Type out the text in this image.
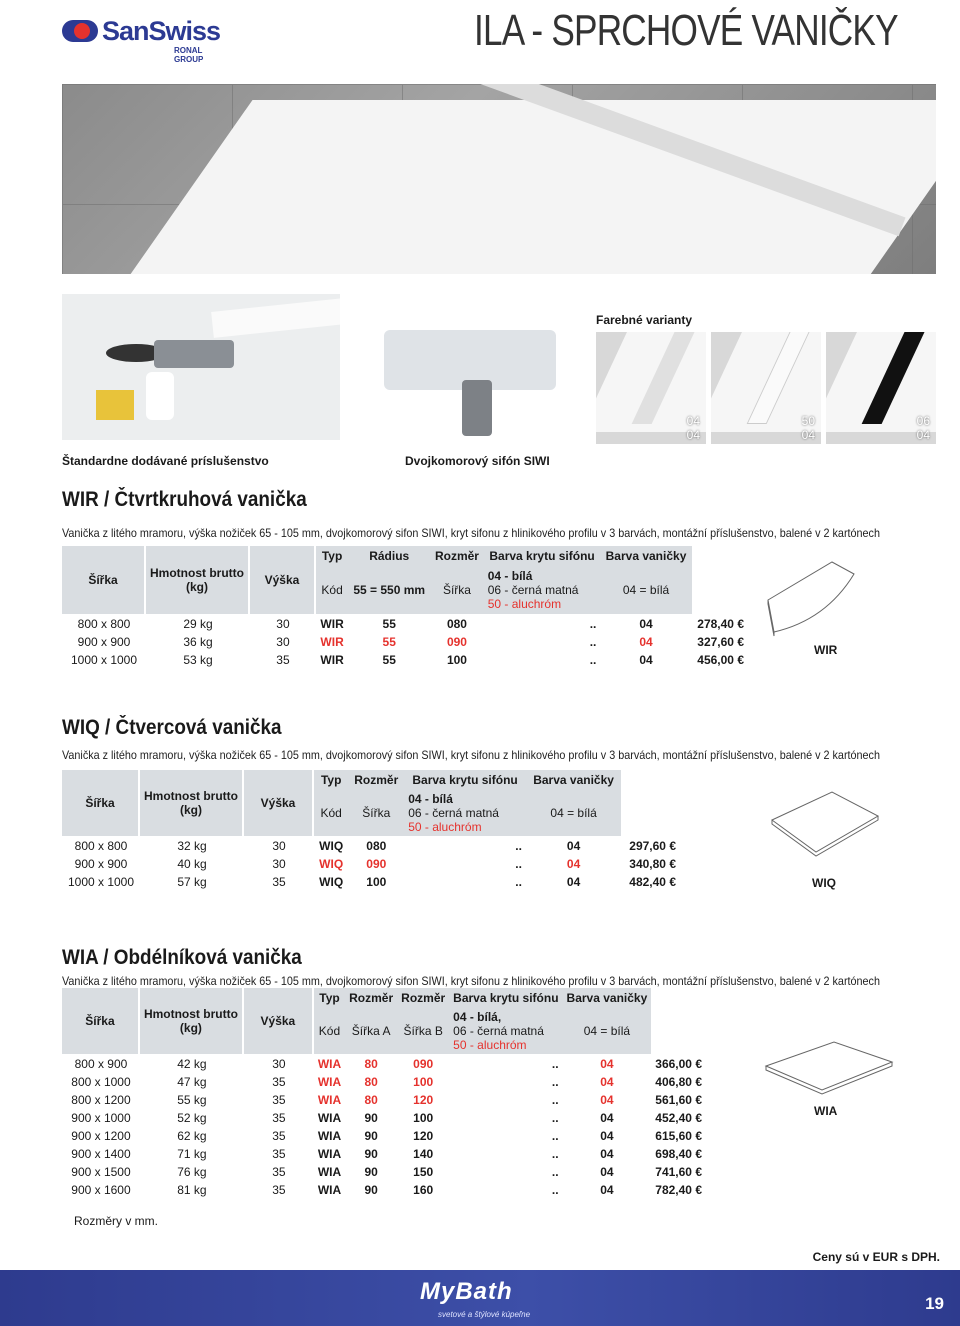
SanSwiss
RONAL GROUP
ILA - SPRCHOVÉ VANIČKY
Farebné varianty
04
04
50
04
06
04
Štandardne dodávané príslušenstvo	Dvojkomorový sifón SIWI
WIR / Čtvrtkruhová vanička
Vanička z litého mramoru, výška nožiček 65 - 105 mm, dvojkomorový sifon SIWI, kryt sifonu z hlinikového profilu v 3 barvách, montážní příslušenstvo, balené v 2 kartónech
Šířka	Hmotnost brutto
(kg)	Výška	Typ	Rádius	Rozměr	Barva krytu sifónu	Barva vaničky	
			Kód	55 = 550 mm	Šířka	04 - bílá
06 - černá matná
50 - aluchróm	04 = bílá	
800 x 800	29 kg	30	WIR	55	080	..	04	278,40 €
900 x 900	36 kg	30	WIR	55	090	..	04	327,60 €
1000 x 1000	53 kg	35	WIR	55	100	..	04	456,00 €
WIR
WIQ / Čtvercová vanička
Vanička z litého mramoru, výška nožiček 65 - 105 mm, dvojkomorový sifon SIWI, kryt sifonu z hlinikového profilu v 3 barvách, montážní příslušenstvo, balené v 2 kartónech
Šířka	Hmotnost brutto
(kg)	Výška	Typ	Rozměr	Barva krytu sifónu	Barva vaničky	
			Kód	Šířka	04 - bílá
06 - černá matná
50 - aluchróm	04 = bílá	
800 x 800	32 kg	30	WIQ	080	..	04	297,60 €
900 x 900	40 kg	30	WIQ	090	..	04	340,80 €
1000 x 1000	57 kg	35	WIQ	100	..	04	482,40 €	WIQ
WIA / Obdélníková vanička
Vanička z litého mramoru, výška nožiček 65 - 105 mm, dvojkomorový sifon SIWI, kryt sifonu z hlinikového profilu v 3 barvách, montážní příslušenstvo, balené v 2 kartónech
Šířka	Hmotnost brutto
(kg)	Výška	Typ	Rozměr	Rozměr	Barva krytu sifónu	Barva vaničky	
			Kód	Šířka A	Šířka B	04 - bílá,
06 - černá matná
50 - aluchróm	04 = bílá	
800 x 900	42 kg	30	WIA	80	090	..	04	366,00 €
800 x 1000	47 kg	35	WIA	80	100	..	04	406,80 €
800 x 1200	55 kg	35	WIA	80	120	..	04	561,60 €
900 x 1000	52 kg	35	WIA	90	100	..	04	452,40 €
900 x 1200	62 kg	35	WIA	90	120	..	04	615,60 €
900 x 1400	71 kg	35	WIA	90	140	..	04	698,40 €
900 x 1500	76 kg	35	WIA	90	150	..	04	741,60 €
900 x 1600	81 kg	35	WIA	90	160	..	04	782,40 €
WIA
Rozměry v mm.
Ceny sú v EUR s DPH.
MyBath
svetové a štýlové kúpeľne
19
